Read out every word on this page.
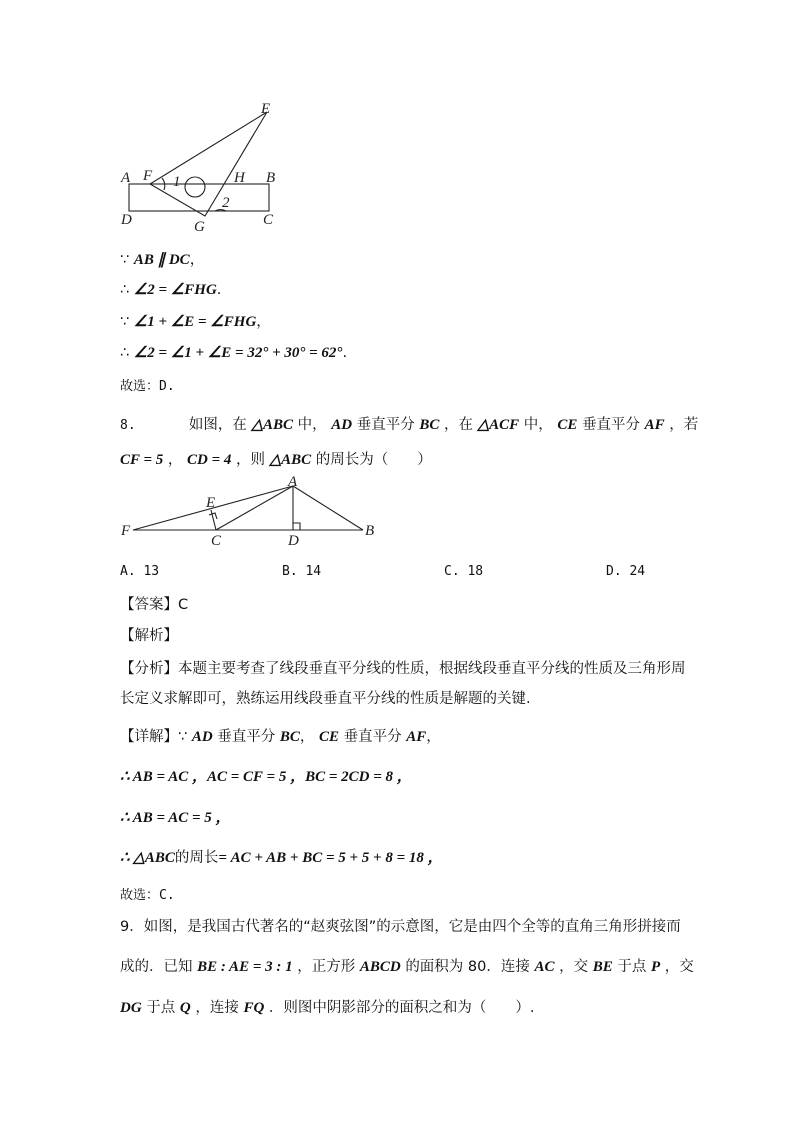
E
A F 1	H B
D	C
G
2
∵ AB ∥ DC，
∴ ∠2 = ∠FHG.
∵ ∠1 + ∠E = ∠FHG，
∴ ∠2 = ∠1 + ∠E = 32° + 30° = 62°.
故选：D.
8.	如图，在 △ABC 中， AD 垂直平分 BC ，在 △ACF 中， CE 垂直平分 AF ，若
CF = 5 ， CD = 4 ，则 △ABC 的周长为（　　）
A
E
F
C	D
B
A. 13	B. 14	C. 18	D. 24
【答案】C
【解析】
【分析】本题主要考查了线段垂直平分线的性质，根据线段垂直平分线的性质及三角形周
长定义求解即可，熟练运用线段垂直平分线的性质是解题的关键.
【详解】∵ AD 垂直平分 BC， CE 垂直平分 AF，
∴ AB = AC ，AC = CF = 5 ，BC = 2CD = 8 ，
∴ AB = AC = 5 ，
∴ △ABC的周长= AC + AB + BC = 5 + 5 + 8 = 18 ，
故选：C.
9．如图，是我国古代著名的“赵爽弦图”的示意图，它是由四个全等的直角三角形拼接而
成的．已知 BE : AE = 3 : 1 ，正方形 ABCD 的面积为 80．连接 AC ，交 BE 于点 P ，交
DG 于点 Q ，连接 FQ ．则图中阴影部分的面积之和为（　　）.
